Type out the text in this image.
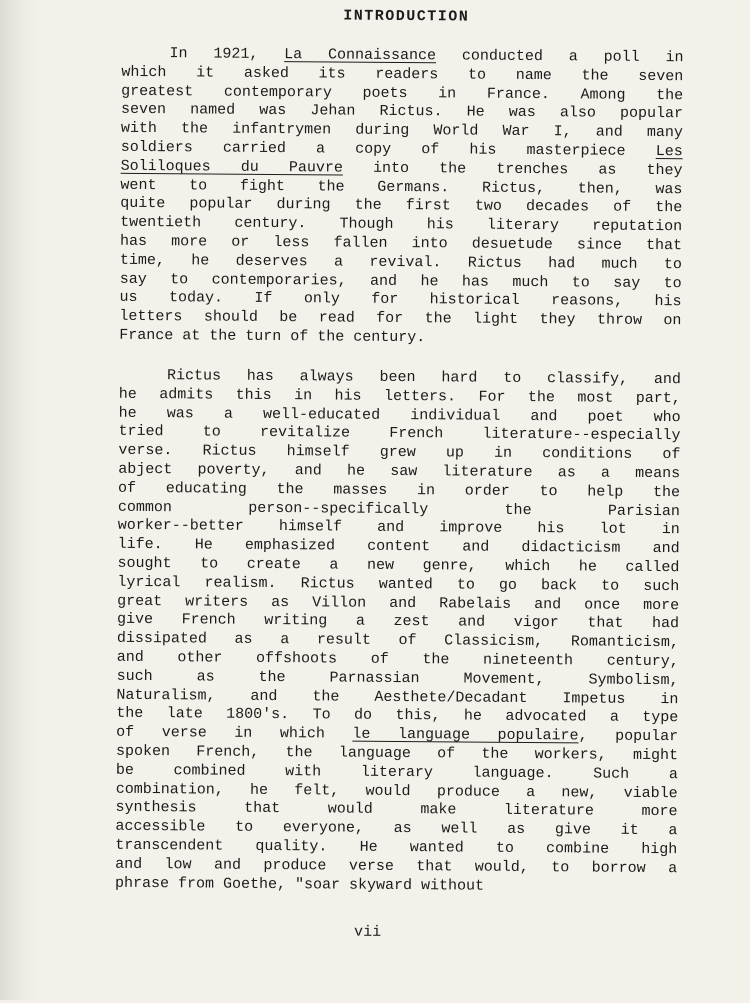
INTRODUCTION
In 1921, La Connaissance conducted a poll in
which it asked its readers to name the seven
greatest contemporary poets in France. Among the
seven named was Jehan Rictus. He was also popular
with the infantrymen during World War I, and many
soldiers carried a copy of his masterpiece Les
Soliloques du Pauvre into the trenches as they
went to fight the Germans. Rictus, then, was
quite popular during the first two decades of the
twentieth century. Though his literary reputation
has more or less fallen into desuetude since that
time, he deserves a revival. Rictus had much to
say to contemporaries, and he has much to say to
us today. If only for historical reasons, his
letters should be read for the light they throw on
France at the turn of the century.
Rictus has always been hard to classify, and
he admits this in his letters. For the most part,
he was a well-educated individual and poet who
tried to revitalize French literature--especially
verse. Rictus himself grew up in conditions of
abject poverty, and he saw literature as a means
of educating the masses in order to help the
common person--specifically the Parisian
worker--better himself and improve his lot in
life. He emphasized content and didacticism and
sought to create a new genre, which he called
lyrical realism. Rictus wanted to go back to such
great writers as Villon and Rabelais and once more
give French writing a zest and vigor that had
dissipated as a result of Classicism, Romanticism,
and other offshoots of the nineteenth century,
such as the Parnassian Movement, Symbolism,
Naturalism, and the Aesthete/Decadant Impetus in
the late 1800's. To do this, he advocated a type
of verse in which le language populaire, popular
spoken French, the language of the workers, might
be combined with literary language. Such a
combination, he felt, would produce a new, viable
synthesis that would make literature more
accessible to everyone, as well as give it a
transcendent quality. He wanted to combine high
and low and produce verse that would, to borrow a
phrase from Goethe, "soar skyward without

vii
